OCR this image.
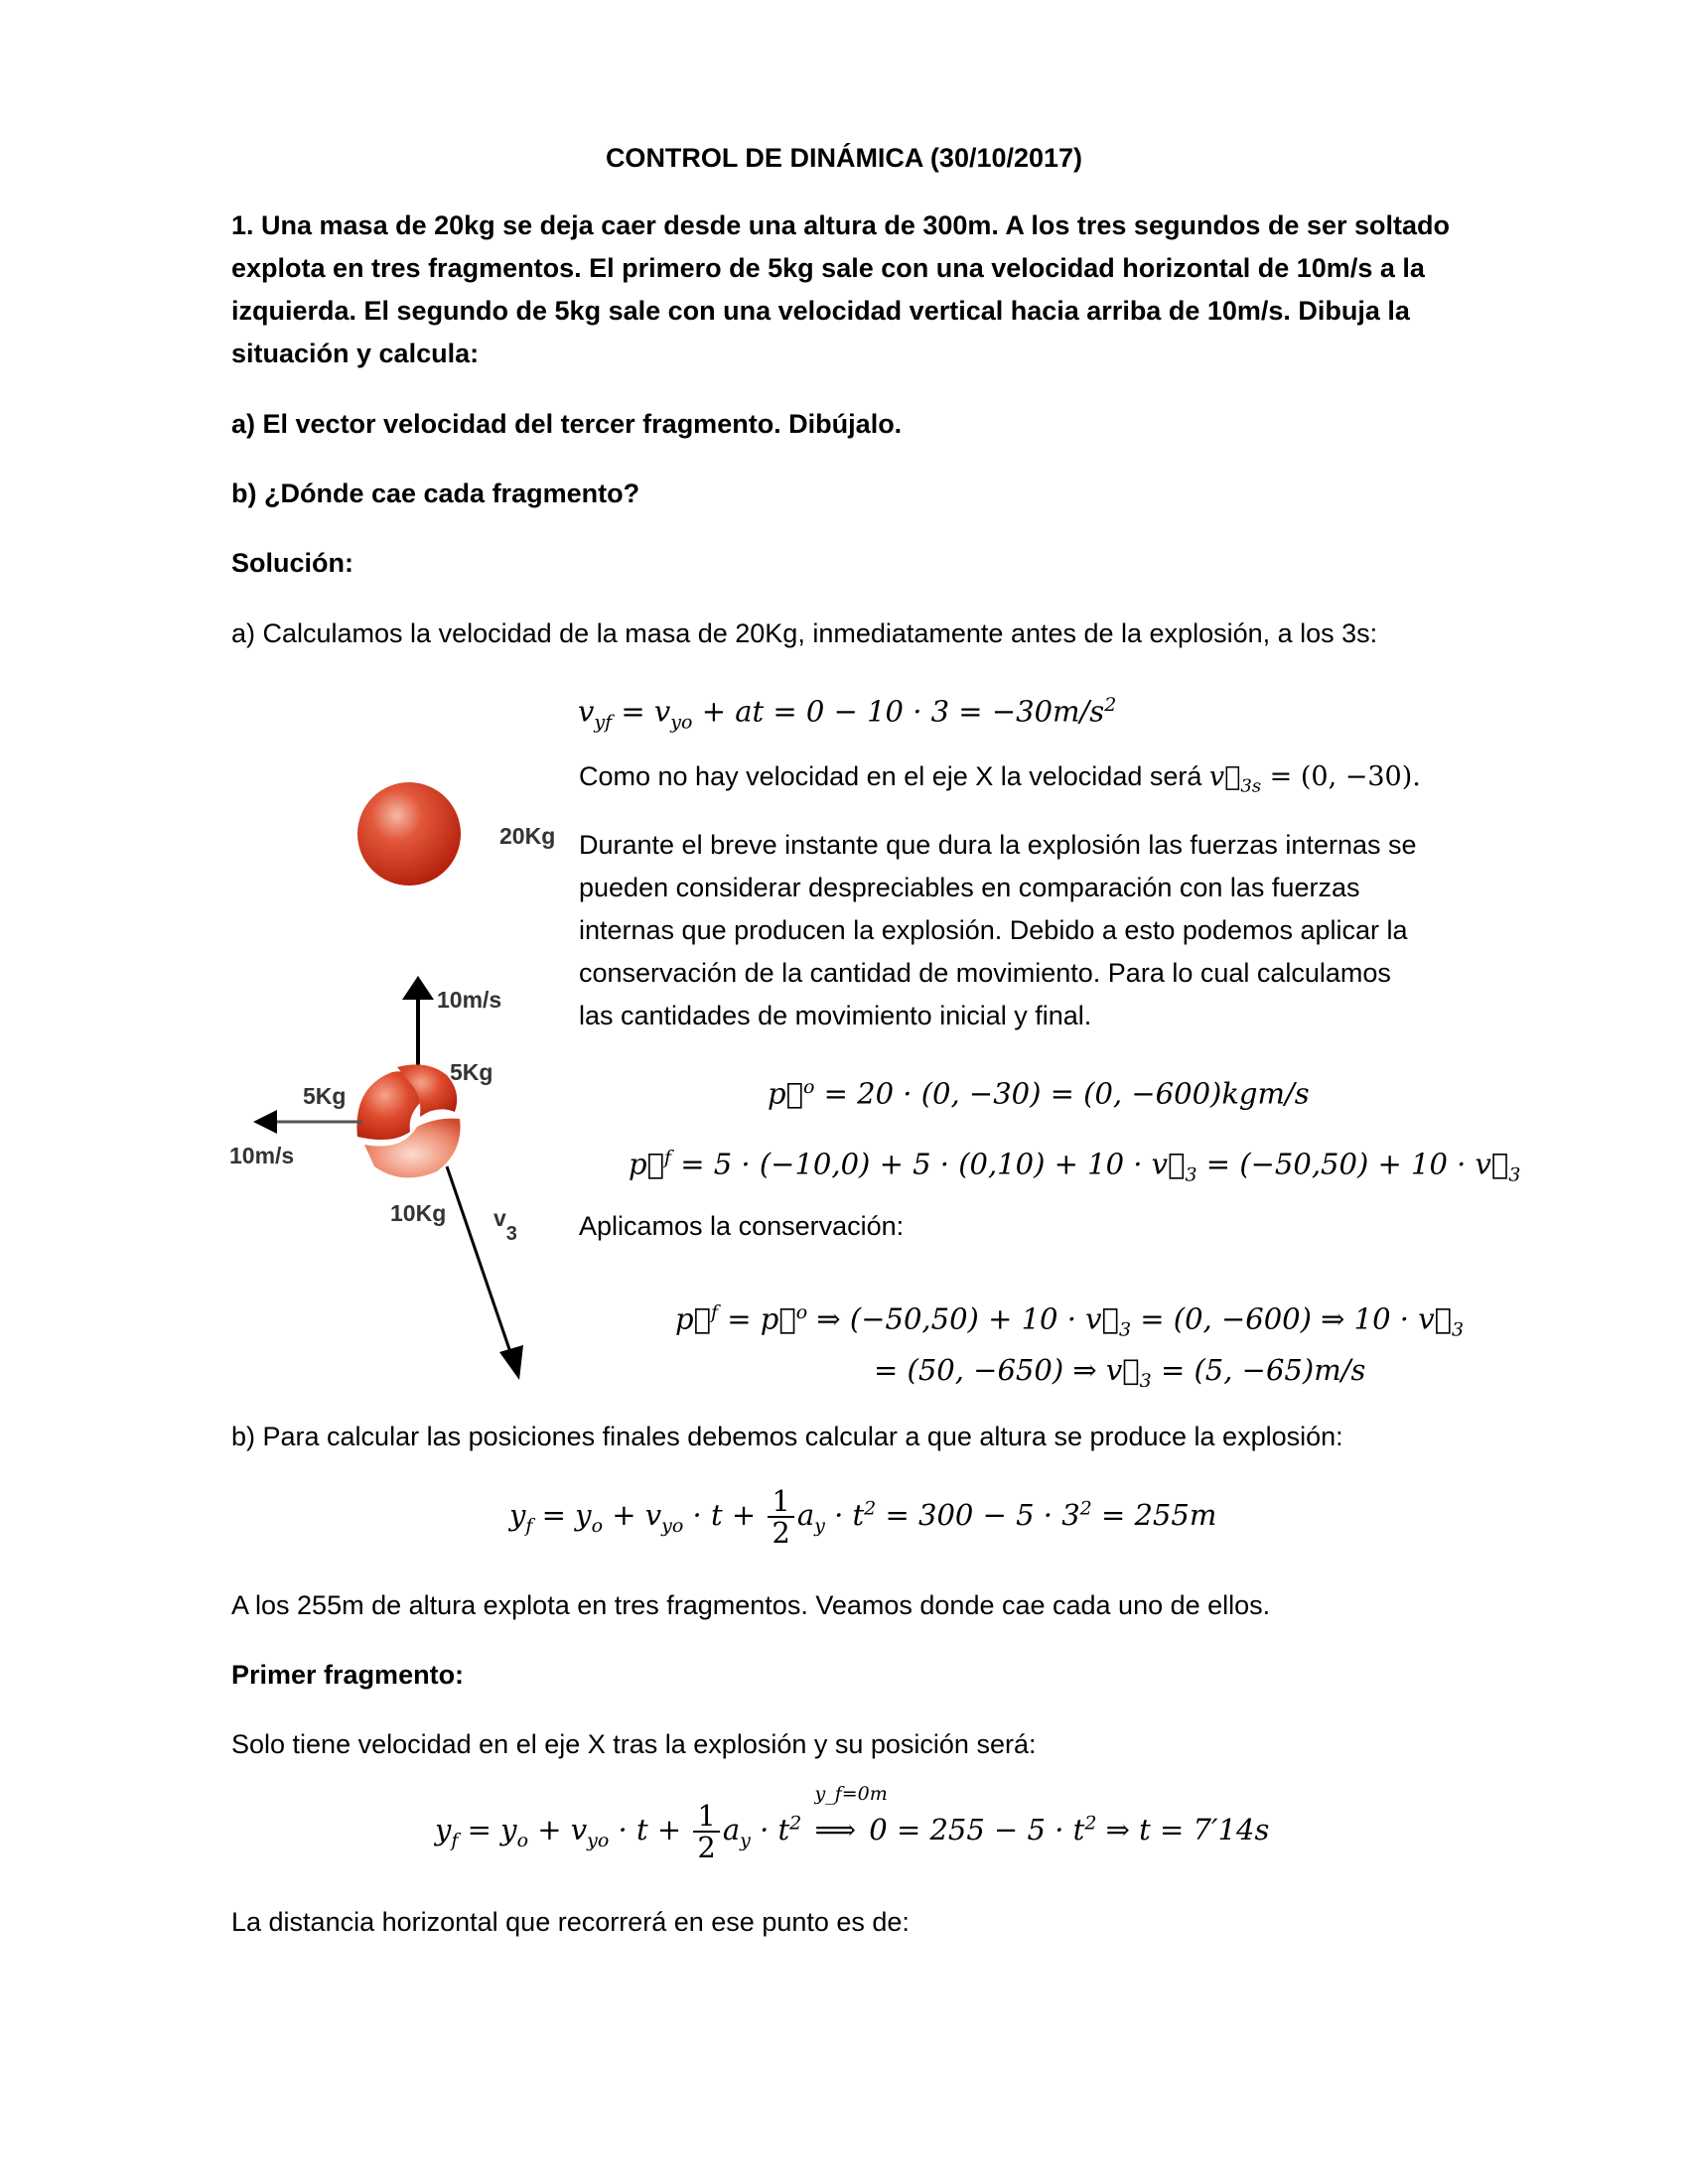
CONTROL DE DINÁMICA (30/10/2017)
1. Una masa de 20kg se deja caer desde una altura de 300m. A los tres segundos de ser soltado
explota en tres fragmentos. El primero de 5kg sale con una velocidad horizontal de 10m/s a la
izquierda. El segundo de 5kg sale con una velocidad vertical hacia arriba de 10m/s. Dibuja la
situación y calcula:
a) El vector velocidad del tercer fragmento. Dibújalo.
b) ¿Dónde cae cada fragmento?
Solución:
a) Calculamos la velocidad de la masa de 20Kg, inmediatamente antes de la explosión, a los 3s:
$v_{yf} = v_{yo}$ + at = $0 - 10 \cdot 3 = -30m/s^2$
Como no hay velocidad en el eje X la velocidad será $v⃗_{3s} = (0$, −30).
Durante el breve instante que dura la explosión las fuerzas internas se
pueden considerar despreciables en comparación con las fuerzas
internas que producen la explosión. Debido a esto podemos aplicar la
conservación de la cantidad de movimiento. Para lo cual calculamos
las cantidades de movimiento inicial y final.
p⃗$^o$ = 20 · (0, −30) = (0, −600)kgm/s
p⃗$^f$ = $5 \cdot (-10,0) + 5 \cdot (0,10) + 10 \cdot v⃗_3 = (-50,50) + 10$ · $v⃗_3$
Aplicamos la conservación:
p⃗$^f$ = p⃗$^o$ ⇒ $(-50,50) + 10 \cdot v⃗_3 = (0$, −600) ⇒ $10 \cdot v⃗_3$
= (50, −650) ⇒ $v⃗_3 = (5$, −65)m/s
b) Para calcular las posiciones finales debemos calcular a que altura se produce la explosión:
$y_f = y_o + v_{yo} \cdot t + \frac{1}{2} a_y \cdot t^2 = 300 - 5 \cdot 3^2 = 255m$
A los 255m de altura explota en tres fragmentos. Veamos donde cae cada uno de ellos.
Primer fragmento:
Solo tiene velocidad en el eje X tras la explosión y su posición será:
$y_f = y_o + v_{yo} \cdot t + \frac{1}{2} a_y \cdot t^2$
y_f=0m
⟹ $0 = 255 - 5 \cdot t^2$ ⇒ t = 7′14s
La distancia horizontal que recorrerá en ese punto es de:
20Kg
10m/s
5Kg
5Kg
10m/s
10Kg v3
